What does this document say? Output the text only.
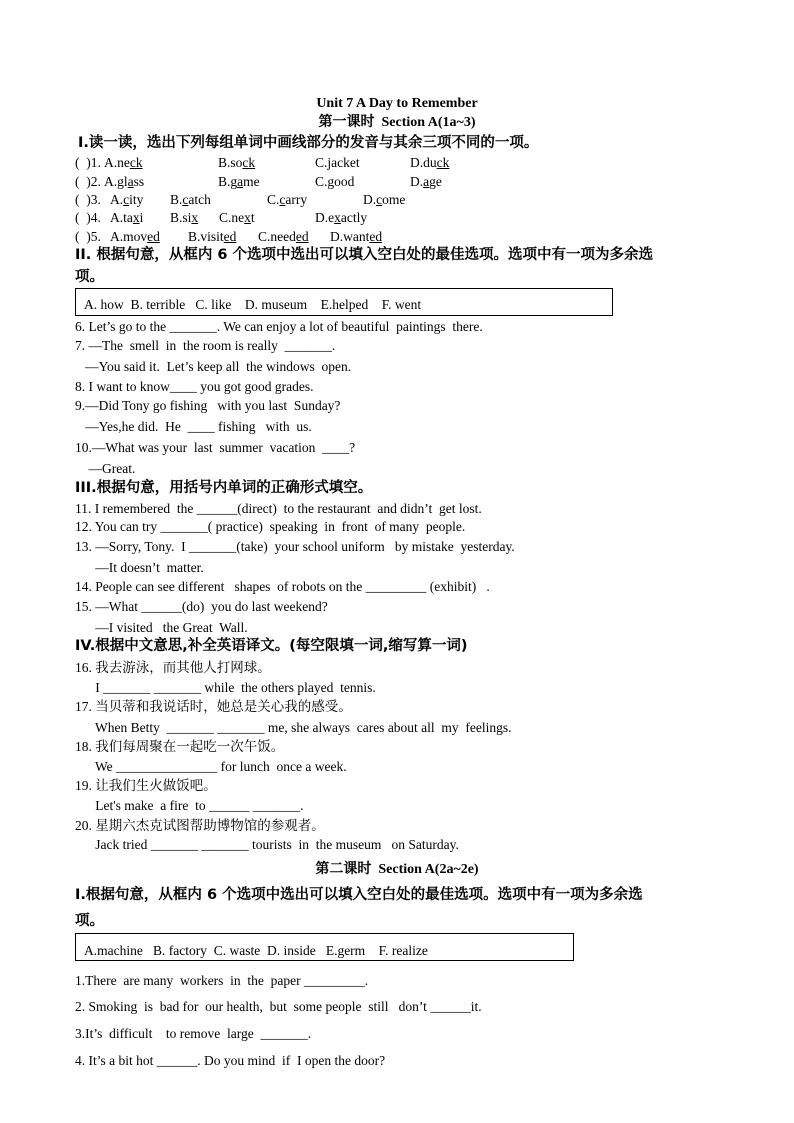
Unit 7 A Day to Remember
第一课时  Section A(1a~3)
I.读一读，选出下列每组单词中画线部分的发音与其余三项不同的一项。
(  )1. A.neck	B.sock	C.jacket	D.duck
(  )2. A.glass	B.game	C.good	D.age
(  )3. A.city B.catch	C.carry	D.come
(  )4. A.taxi B.six C.next	D.exactly
(  )5. A.moved B.visited C.needed D.wanted
II. 根据句意，从框内 6 个选项中选出可以填入空白处的最佳选项。选项中有一项为多余选
项。
A. how  B. terrible   C. like    D. museum    E.helped    F. went
6. Let’s go to the _______. We can enjoy a lot of beautiful  paintings  there.
7. —The  smell  in  the room is really  _______.
—You said it.  Let’s keep all  the windows  open.
8. I want to know____ you got good grades.
9.—Did Tony go fishing   with you last  Sunday?
—Yes,he did.  He  ____ fishing   with  us.
10.—What was your  last  summer  vacation  ____?
—Great.
III.根据句意，用括号内单词的正确形式填空。
11. I remembered  the ______(direct)  to the restaurant  and didn’t  get lost.
12. You can try _______( practice)  speaking  in  front  of many  people.
13. —Sorry, Tony.  I _______(take)  your school uniform   by mistake  yesterday.
—It doesn’t  matter.
14. People can see different   shapes  of robots on the _________ (exhibit)   .
15. —What ______(do)  you do last weekend?
—I visited   the Great  Wall.
IV.根据中文意思,补全英语译文。(每空限填一词,缩写算一词)
16. 我去游泳，而其他人打网球。
I _______ _______ while  the others played  tennis.
17. 当贝蒂和我说话时，她总是关心我的感受。
When Betty  _______ _______ me, she always  cares about all  my  feelings.
18. 我们每周聚在一起吃一次午饭。
We _______________ for lunch  once a week.
19. 让我们生火做饭吧。
Let's make  a fire  to ______ _______.
20. 星期六杰克试图帮助博物馆的参观者。
Jack tried _______ _______ tourists  in  the museum   on Saturday.
第二课时  Section A(2a~2e)
I.根据句意，从框内 6 个选项中选出可以填入空白处的最佳选项。选项中有一项为多余选
项。
A.machine   B. factory  C. waste  D. inside   E.germ    F. realize
1.There  are many  workers  in  the  paper _________.
2. Smoking  is  bad for  our health,  but  some people  still   don’t ______it.
3.It’s  difficult    to remove  large  _______.
4. It’s a bit hot ______. Do you mind  if  I open the door?
